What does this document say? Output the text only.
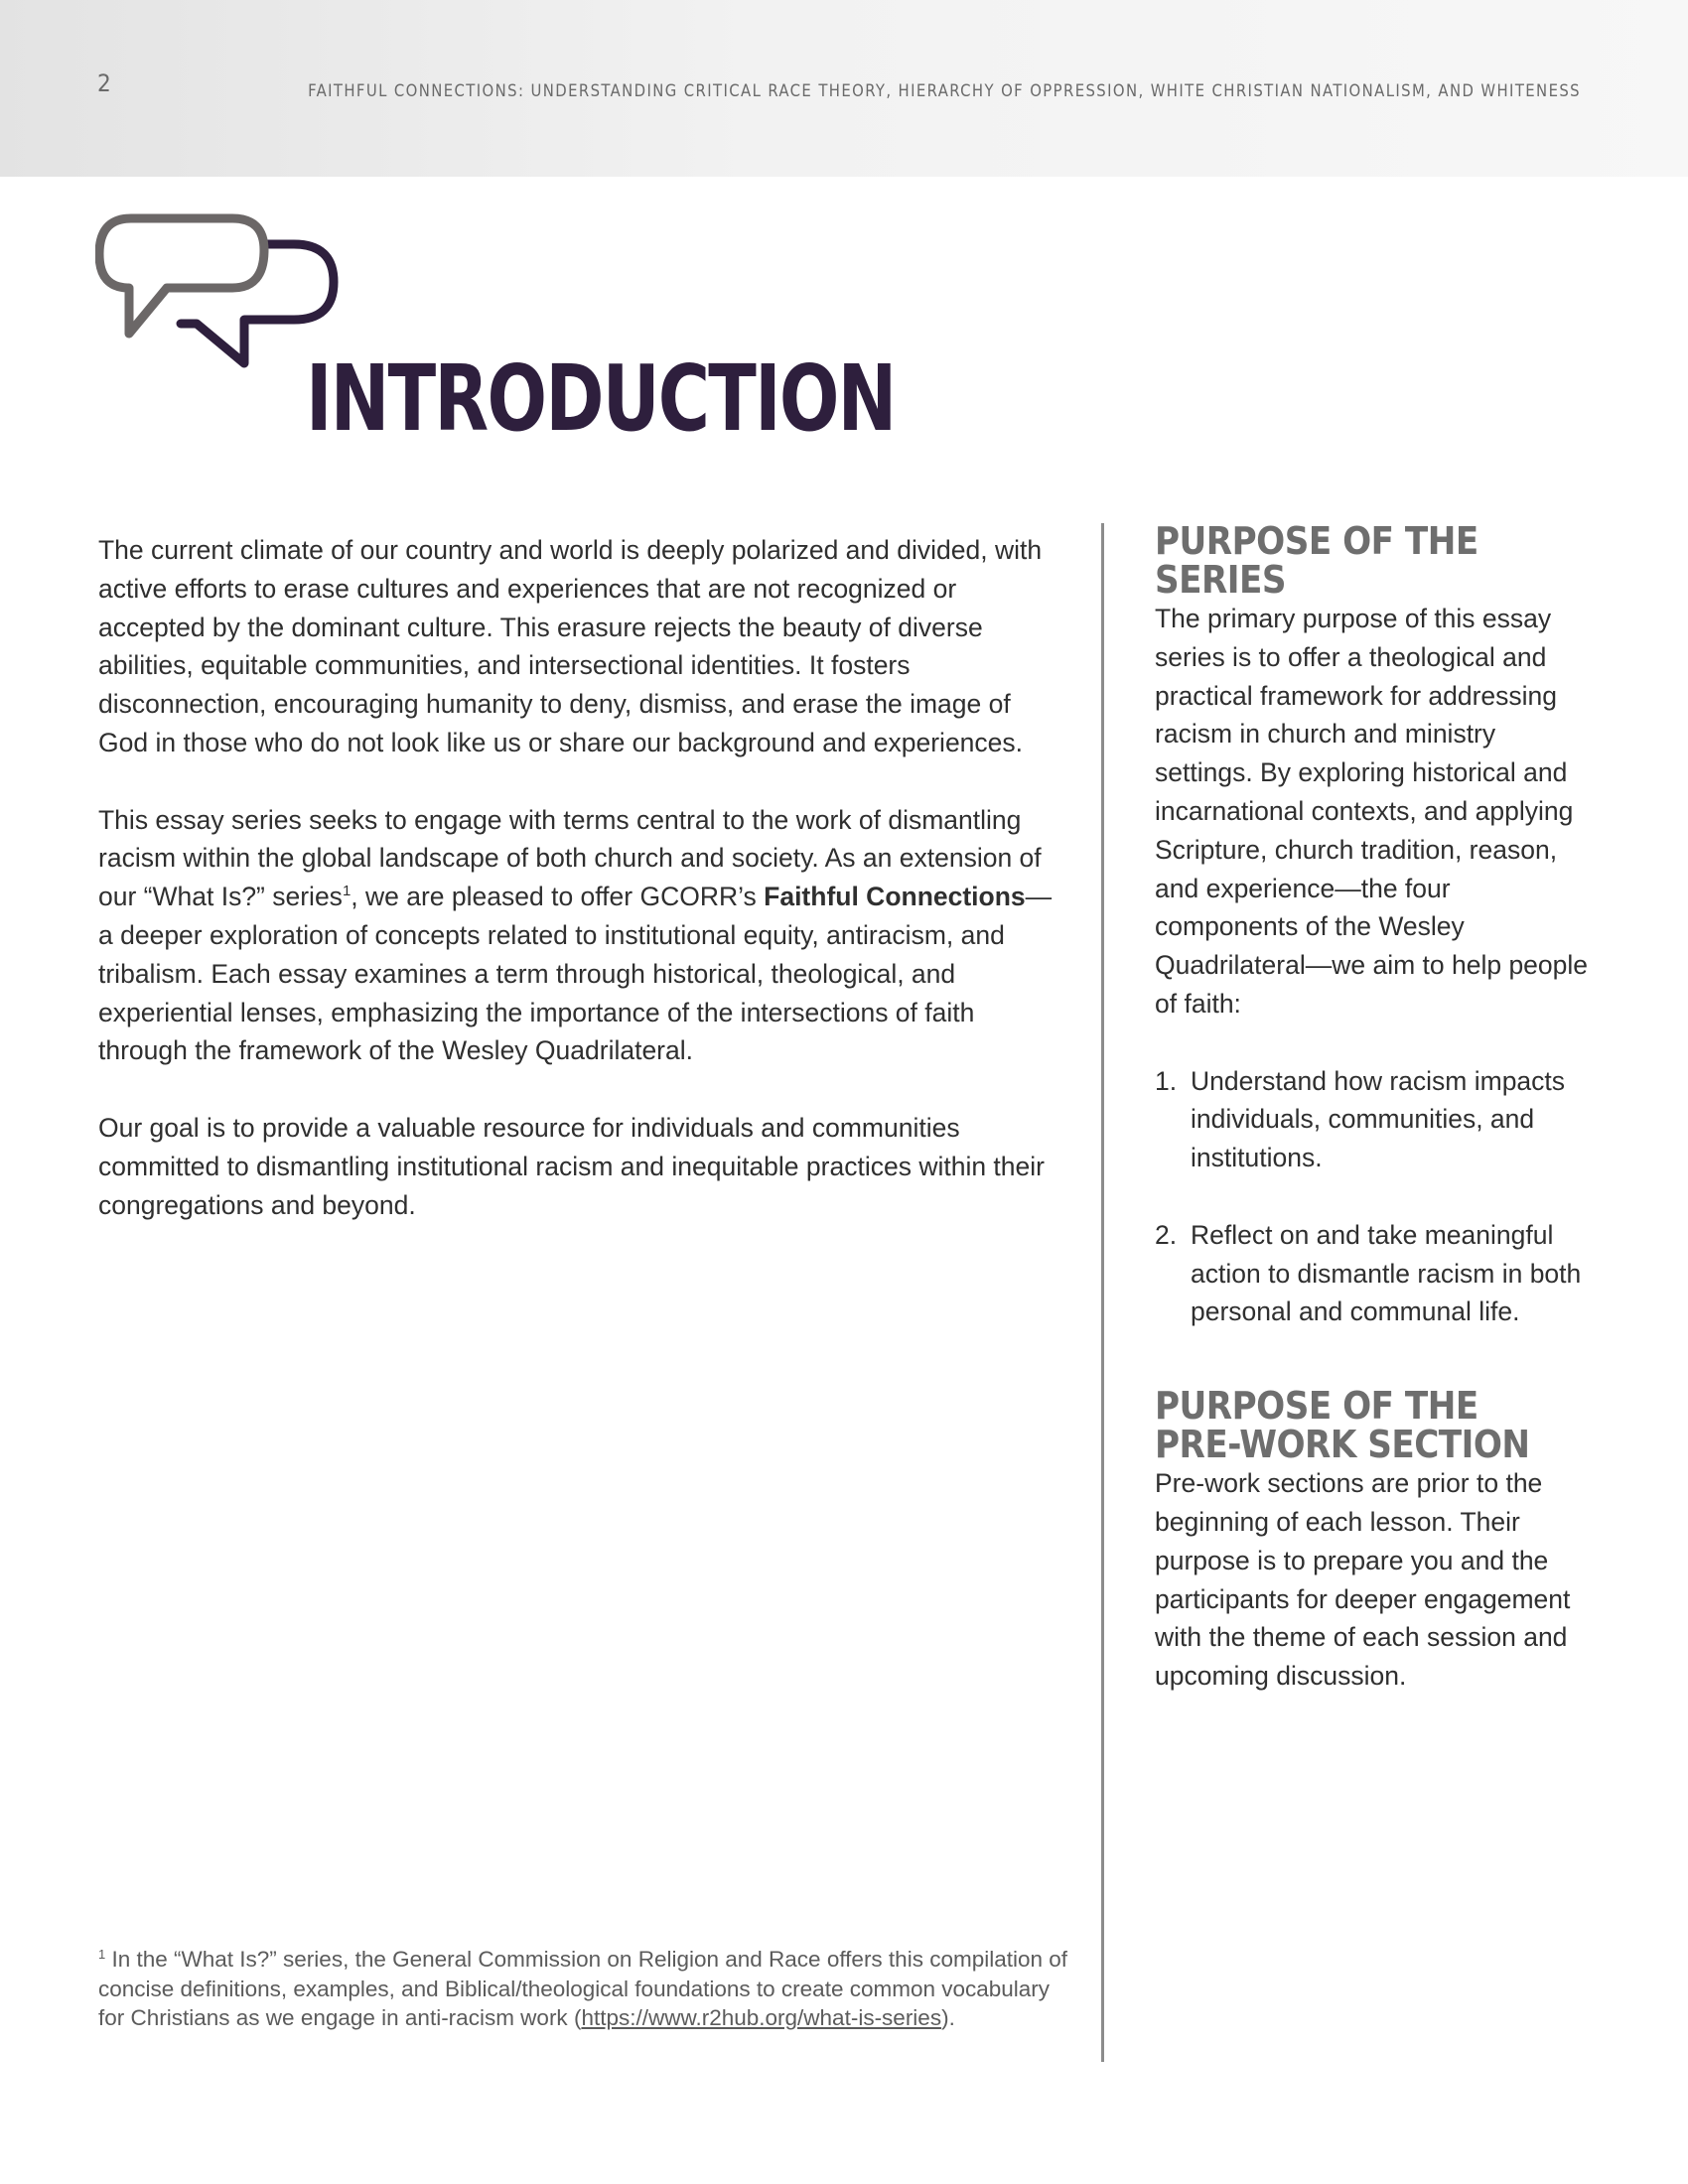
2	FAITHFUL CONNECTIONS: UNDERSTANDING CRITICAL RACE THEORY, HIERARCHY OF OPPRESSION, WHITE CHRISTIAN NATIONALISM, AND WHITENESS
INTRODUCTION

The current climate of our country and world is deeply polarized and divided, with active efforts to erase cultures and experiences that are not recognized or accepted by the dominant culture. This erasure rejects the beauty of diverse abilities, equitable communities, and intersectional identities. It fosters disconnection, encouraging humanity to deny, dismiss, and erase the image of God in those who do not look like us or share our background and experiences.

This essay series seeks to engage with terms central to the work of dismantling racism within the global landscape of both church and society. As an extension of our “What Is?” series$^1$, we are pleased to offer GCORR’s Faithful Connections—a deeper exploration of concepts related to institutional equity, antiracism, and tribalism. Each essay examines a term through historical, theological, and experiential lenses, emphasizing the importance of the intersections of faith through the framework of the Wesley Quadrilateral.

Our goal is to provide a valuable resource for individuals and communities committed to dismantling institutional racism and inequitable practices within their congregations and beyond.

PURPOSE OF THE SERIES

The primary purpose of this essay series is to offer a theological and practical framework for addressing racism in church and ministry settings. By exploring historical and incarnational contexts, and applying Scripture, church tradition, reason, and experience—the four components of the Wesley Quadrilateral—we aim to help people of faith:

1. Understand how racism impacts individuals, communities, and institutions.
2. Reflect on and take meaningful action to dismantle racism in both personal and communal life.
PURPOSE OF THE
PRE-WORK SECTION

Pre-work sections are prior to the beginning of each lesson. Their purpose is to prepare you and the participants for deeper engagement with the theme of each session and upcoming discussion.

$^1$ In the “What Is?” series, the General Commission on Religion and Race offers this compilation of concise definitions, examples, and Biblical/theological foundations to create common vocabulary for Christians as we engage in anti-racism work (https://www.r2hub.org/what-is-series).
